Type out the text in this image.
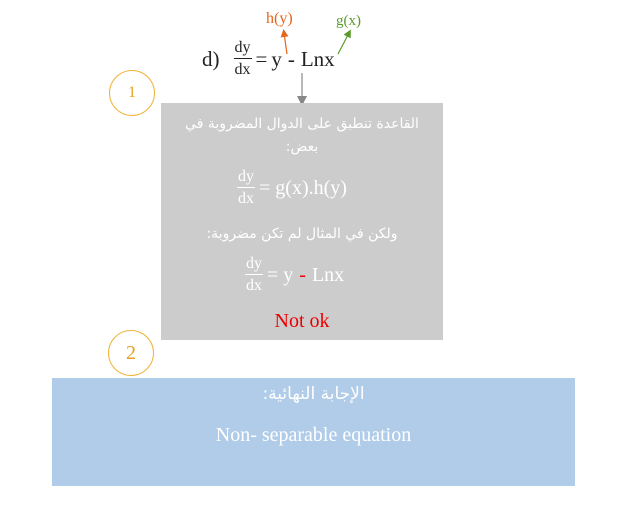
h(y)	g(x)
$d) \frac{dy}{dx} = y$ - Lnx
1
2
القاعدة تنطبق على الدوال المضروبة في بعض:
$\frac{dy}{dx} = g(x).h(y)$
ولكن في المثال لم تكن مضروبة:
$\frac{dy}{dx} = y$ - Lnx
Not ok
الإجابة النهائية:
Non- separable equation
